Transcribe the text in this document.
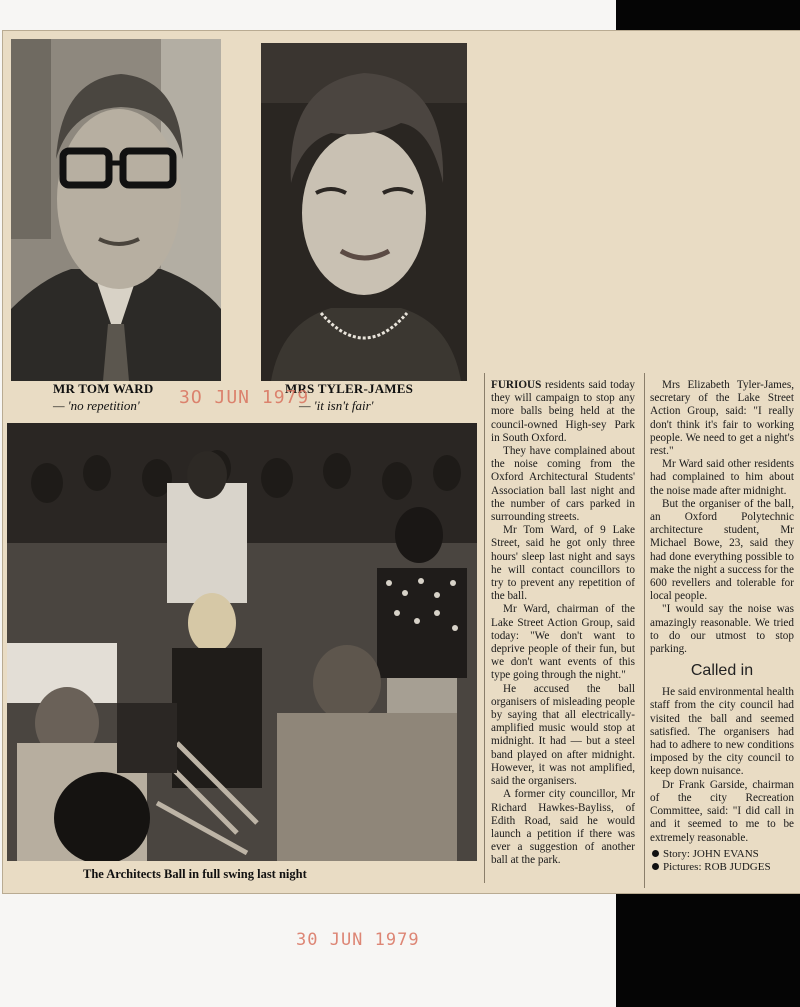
MR TOM WARD
— 'no repetition'
MRS TYLER-JAMES
— 'it isn't fair'
3O JUN 1979
The Architects Ball in full swing last night

FURIOUS residents said today they will campaign to stop any more balls being held at the council-owned High-sey Park in South Oxford.

They have complained about the noise coming from the Oxford Architectural Students' Association ball last night and the number of cars parked in surrounding streets.

Mr Tom Ward, of 9 Lake Street, said he got only three hours' sleep last night and says he will contact councillors to try to prevent any repetition of the ball.

Mr Ward, chairman of the Lake Street Action Group, said today: "We don't want to deprive people of their fun, but we don't want events of this type going through the night."

He accused the ball organisers of misleading people by saying that all electrically-amplified music would stop at midnight. It had — but a steel band played on after midnight. However, it was not amplified, said the organisers.

A former city councillor, Mr Richard Hawkes-Bayliss, of Edith Road, said he would launch a petition if there was ever a suggestion of another ball at the park.

Mrs Elizabeth Tyler-James, secretary of the Lake Street Action Group, said: "I really don't think it's fair to working people. We need to get a night's rest."

Mr Ward said other residents had complained to him about the noise made after midnight.

But the organiser of the ball, an Oxford Polytechnic architecture student, Mr Michael Bowe, 23, said they had done everything possible to make the night a success for the 600 revellers and tolerable for local people.

"I would say the noise was amazingly reasonable. We tried to do our utmost to stop parking.

Called in

He said environmental health staff from the city council had visited the ball and seemed satisfied. The organisers had had to adhere to new conditions imposed by the city council to keep down nuisance.

Dr Frank Garside, chairman of the city Recreation Committee, said: "I did call in and it seemed to me to be extremely reasonable.

Story: JOHN EVANS
Pictures: ROB JUDGES
30 JUN 1979
